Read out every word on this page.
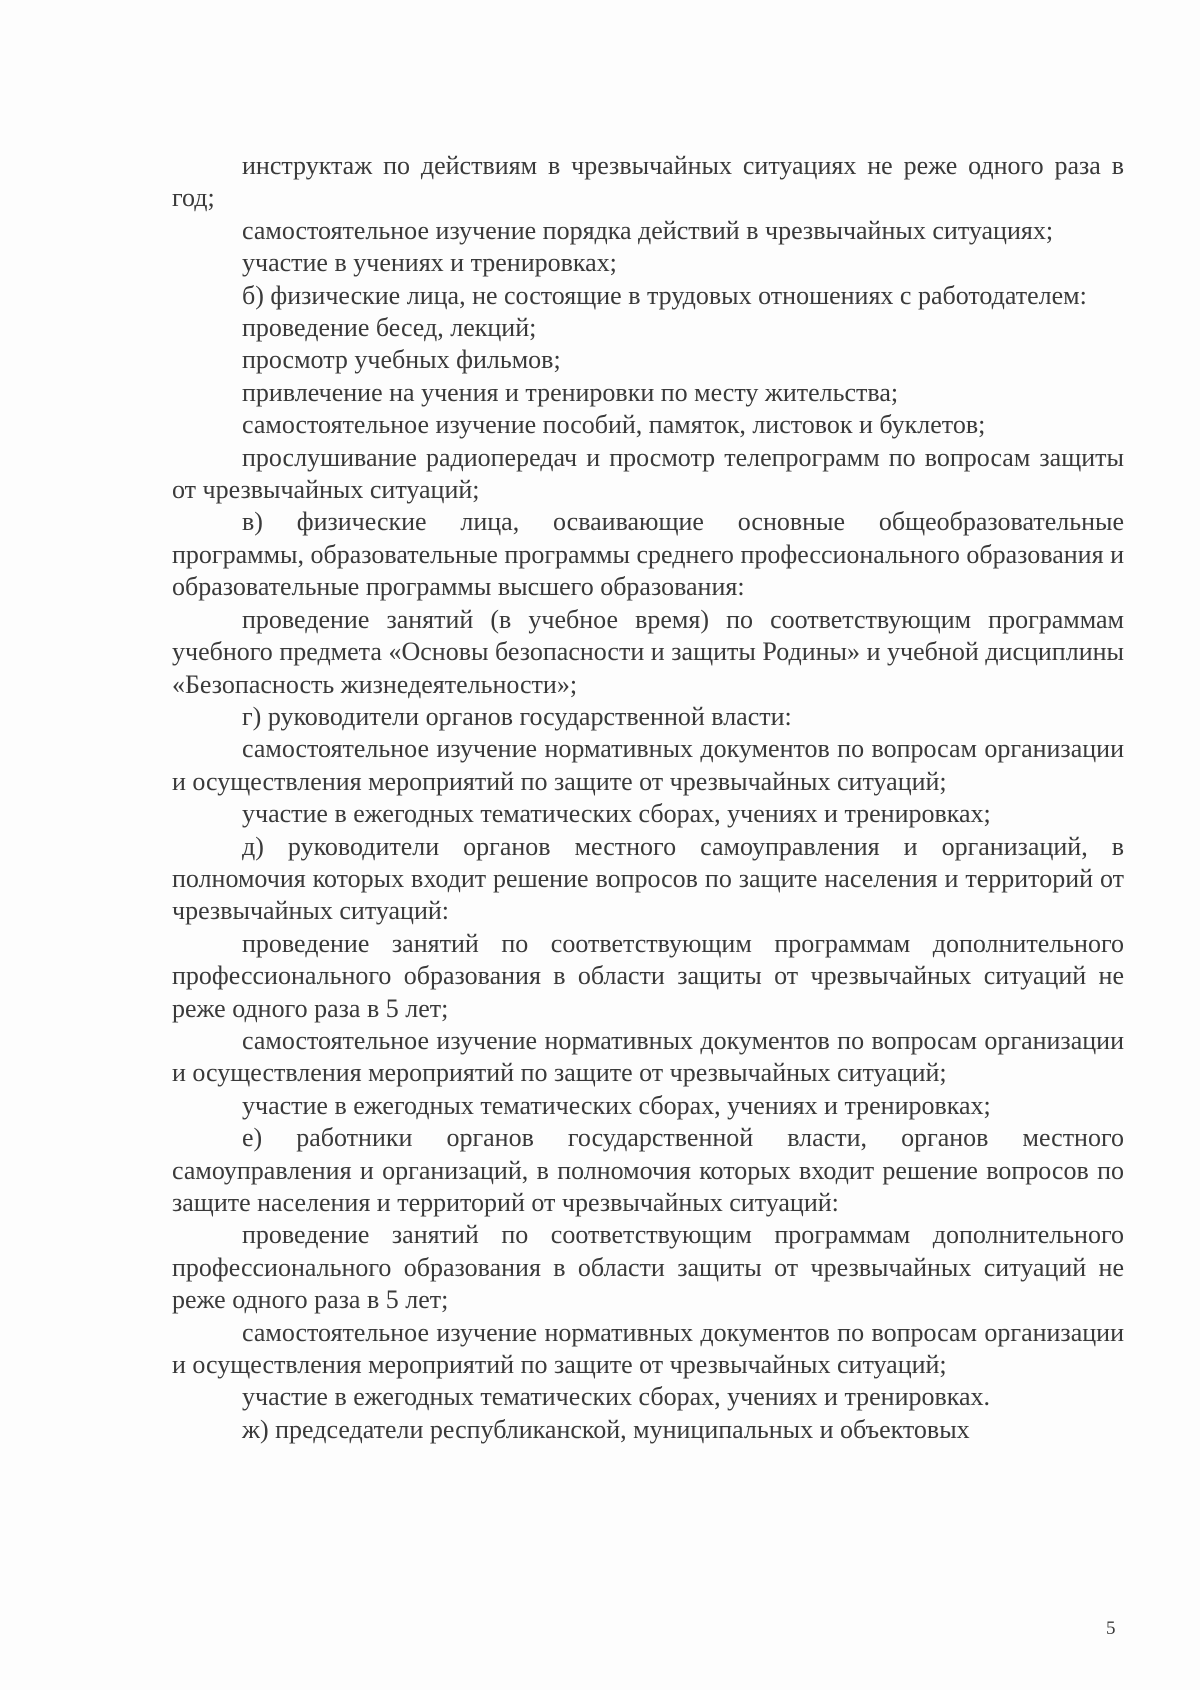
инструктаж по действиям в чрезвычайных ситуациях не реже одного раза в год;

самостоятельное изучение порядка действий в чрезвычайных ситуациях;

участие в учениях и тренировках;

б) физические лица, не состоящие в трудовых отношениях с работодателем:

проведение бесед, лекций;

просмотр учебных фильмов;

привлечение на учения и тренировки по месту жительства;

самостоятельное изучение пособий, памяток, листовок и буклетов;

прослушивание радиопередач и просмотр телепрограмм по вопросам защиты от чрезвычайных ситуаций;

в) физические лица, осваивающие основные общеобразовательные программы, образовательные программы среднего профессионального образования и образовательные программы высшего образования:

проведение занятий (в учебное время) по соответствующим программам учебного предмета «Основы безопасности и защиты Родины» и учебной дисциплины «Безопасность жизнедеятельности»;

г) руководители органов государственной власти:

самостоятельное изучение нормативных документов по вопросам организации и осуществления мероприятий по защите от чрезвычайных ситуаций;

участие в ежегодных тематических сборах, учениях и тренировках;

д) руководители органов местного самоуправления и организаций, в полномочия которых входит решение вопросов по защите населения и территорий от чрезвычайных ситуаций:

проведение занятий по соответствующим программам дополнительного профессионального образования в области защиты от чрезвычайных ситуаций не реже одного раза в 5 лет;

самостоятельное изучение нормативных документов по вопросам организации и осуществления мероприятий по защите от чрезвычайных ситуаций;

участие в ежегодных тематических сборах, учениях и тренировках;

е) работники органов государственной власти, органов местного самоуправления и организаций, в полномочия которых входит решение вопросов по защите населения и территорий от чрезвычайных ситуаций:

проведение занятий по соответствующим программам дополнительного профессионального образования в области защиты от чрезвычайных ситуаций не реже одного раза в 5 лет;

самостоятельное изучение нормативных документов по вопросам организации и осуществления мероприятий по защите от чрезвычайных ситуаций;

участие в ежегодных тематических сборах, учениях и тренировках.

ж) председатели республиканской, муниципальных и объектовых

5
